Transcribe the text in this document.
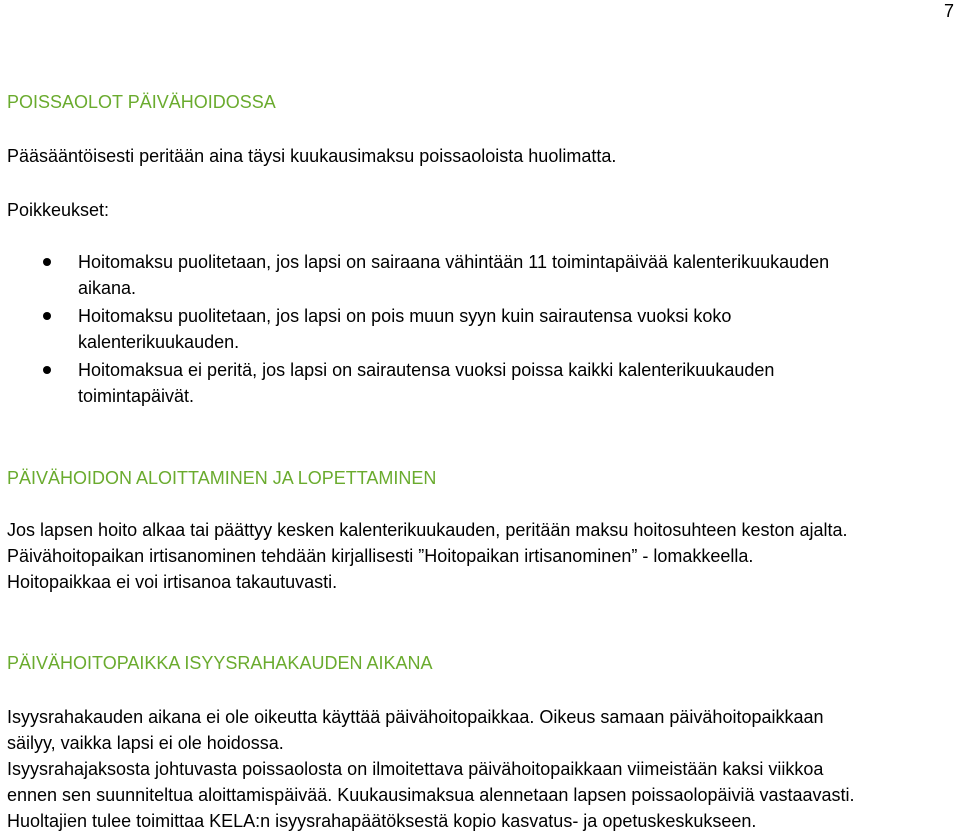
7
POISSAOLOT PÄIVÄHOIDOSSA

Pääsääntöisesti peritään aina täysi kuukausimaksu poissaoloista huolimatta.

Poikkeukset:

Hoitomaksu puolitetaan, jos lapsi on sairaana vähintään 11 toimintapäivää kalenterikuukauden
aikana.
Hoitomaksu puolitetaan, jos lapsi on pois muun syyn kuin sairautensa vuoksi koko
kalenterikuukauden.
Hoitomaksua ei peritä, jos lapsi on sairautensa vuoksi poissa kaikki kalenterikuukauden
toimintapäivät.
PÄIVÄHOIDON ALOITTAMINEN JA LOPETTAMINEN
Jos lapsen hoito alkaa tai päättyy kesken kalenterikuukauden, peritään maksu hoitosuhteen keston ajalta.
Päivähoitopaikan irtisanominen tehdään kirjallisesti ”Hoitopaikan irtisanominen” - lomakkeella.
Hoitopaikkaa ei voi irtisanoa takautuvasti.
PÄIVÄHOITOPAIKKA ISYYSRAHAKAUDEN AIKANA
Isyysrahakauden aikana ei ole oikeutta käyttää päivähoitopaikkaa. Oikeus samaan päivähoitopaikkaan
säilyy, vaikka lapsi ei ole hoidossa.
Isyysrahajaksosta johtuvasta poissaolosta on ilmoitettava päivähoitopaikkaan viimeistään kaksi viikkoa
ennen sen suunniteltua aloittamispäivää. Kuukausimaksua alennetaan lapsen poissaolopäiviä vastaavasti.
Huoltajien tulee toimittaa KELA:n isyysrahapäätöksestä kopio kasvatus- ja opetuskeskukseen.
